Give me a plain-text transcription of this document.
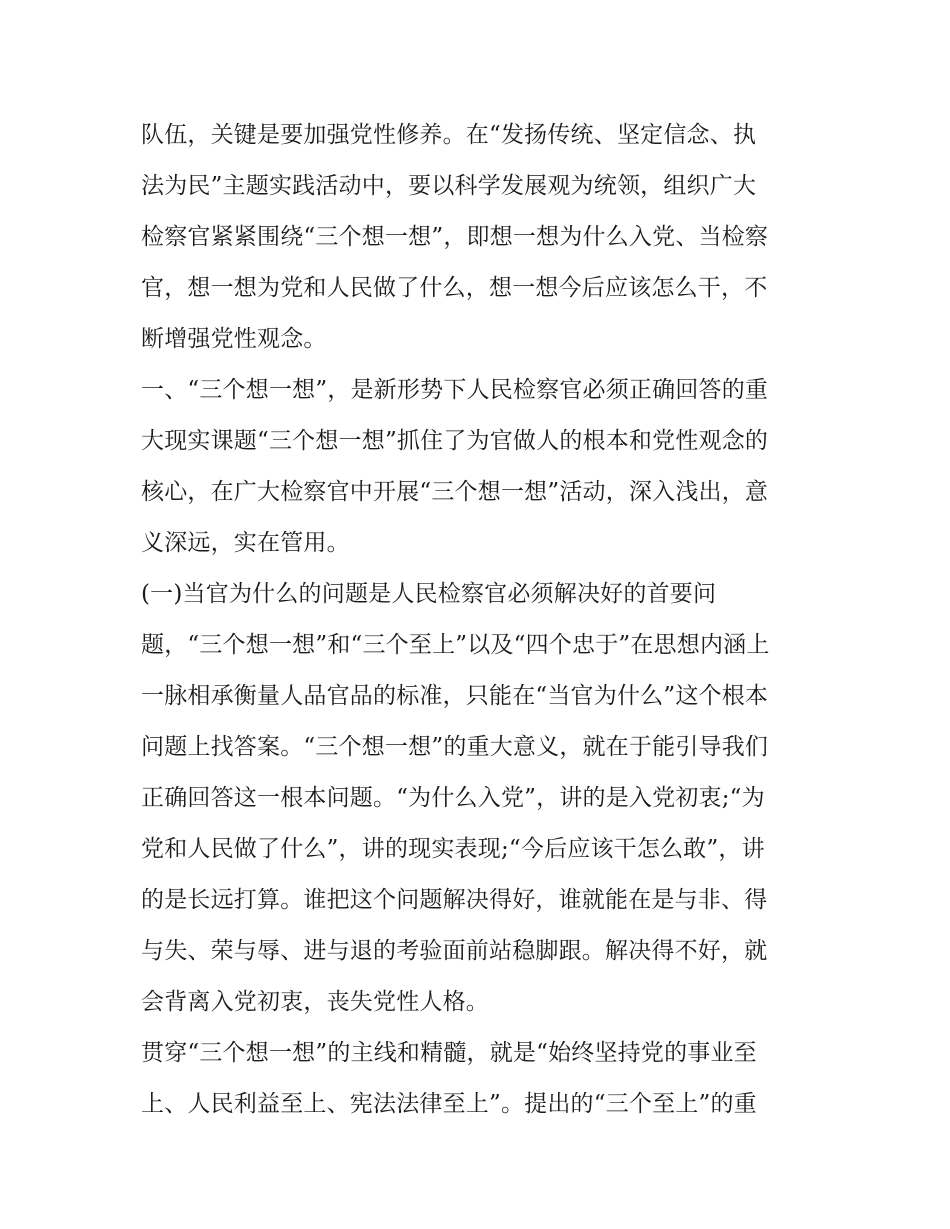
队伍，关键是要加强党性修养。在“发扬传统、坚定信念、执
法为民”主题实践活动中，要以科学发展观为统领，组织广大
检察官紧紧围绕“三个想一想”，即想一想为什么入党、当检察
官，想一想为党和人民做了什么，想一想今后应该怎么干，不
断增强党性观念。
一、“三个想一想”，是新形势下人民检察官必须正确回答的重
大现实课题“三个想一想”抓住了为官做人的根本和党性观念的
核心，在广大检察官中开展“三个想一想”活动，深入浅出，意
义深远，实在管用。
(一)当官为什么的问题是人民检察官必须解决好的首要问
题，“三个想一想”和“三个至上”以及“四个忠于”在思想内涵上
一脉相承衡量人品官品的标准，只能在“当官为什么”这个根本
问题上找答案。“三个想一想”的重大意义，就在于能引导我们
正确回答这一根本问题。“为什么入党”，讲的是入党初衷;“为
党和人民做了什么”，讲的现实表现;“今后应该干怎么敢”，讲
的是长远打算。谁把这个问题解决得好，谁就能在是与非、得
与失、荣与辱、进与退的考验面前站稳脚跟。解决得不好，就
会背离入党初衷，丧失党性人格。
贯穿“三个想一想”的主线和精髓，就是“始终坚持党的事业至
上、人民利益至上、宪法法律至上”。提出的“三个至上”的重
